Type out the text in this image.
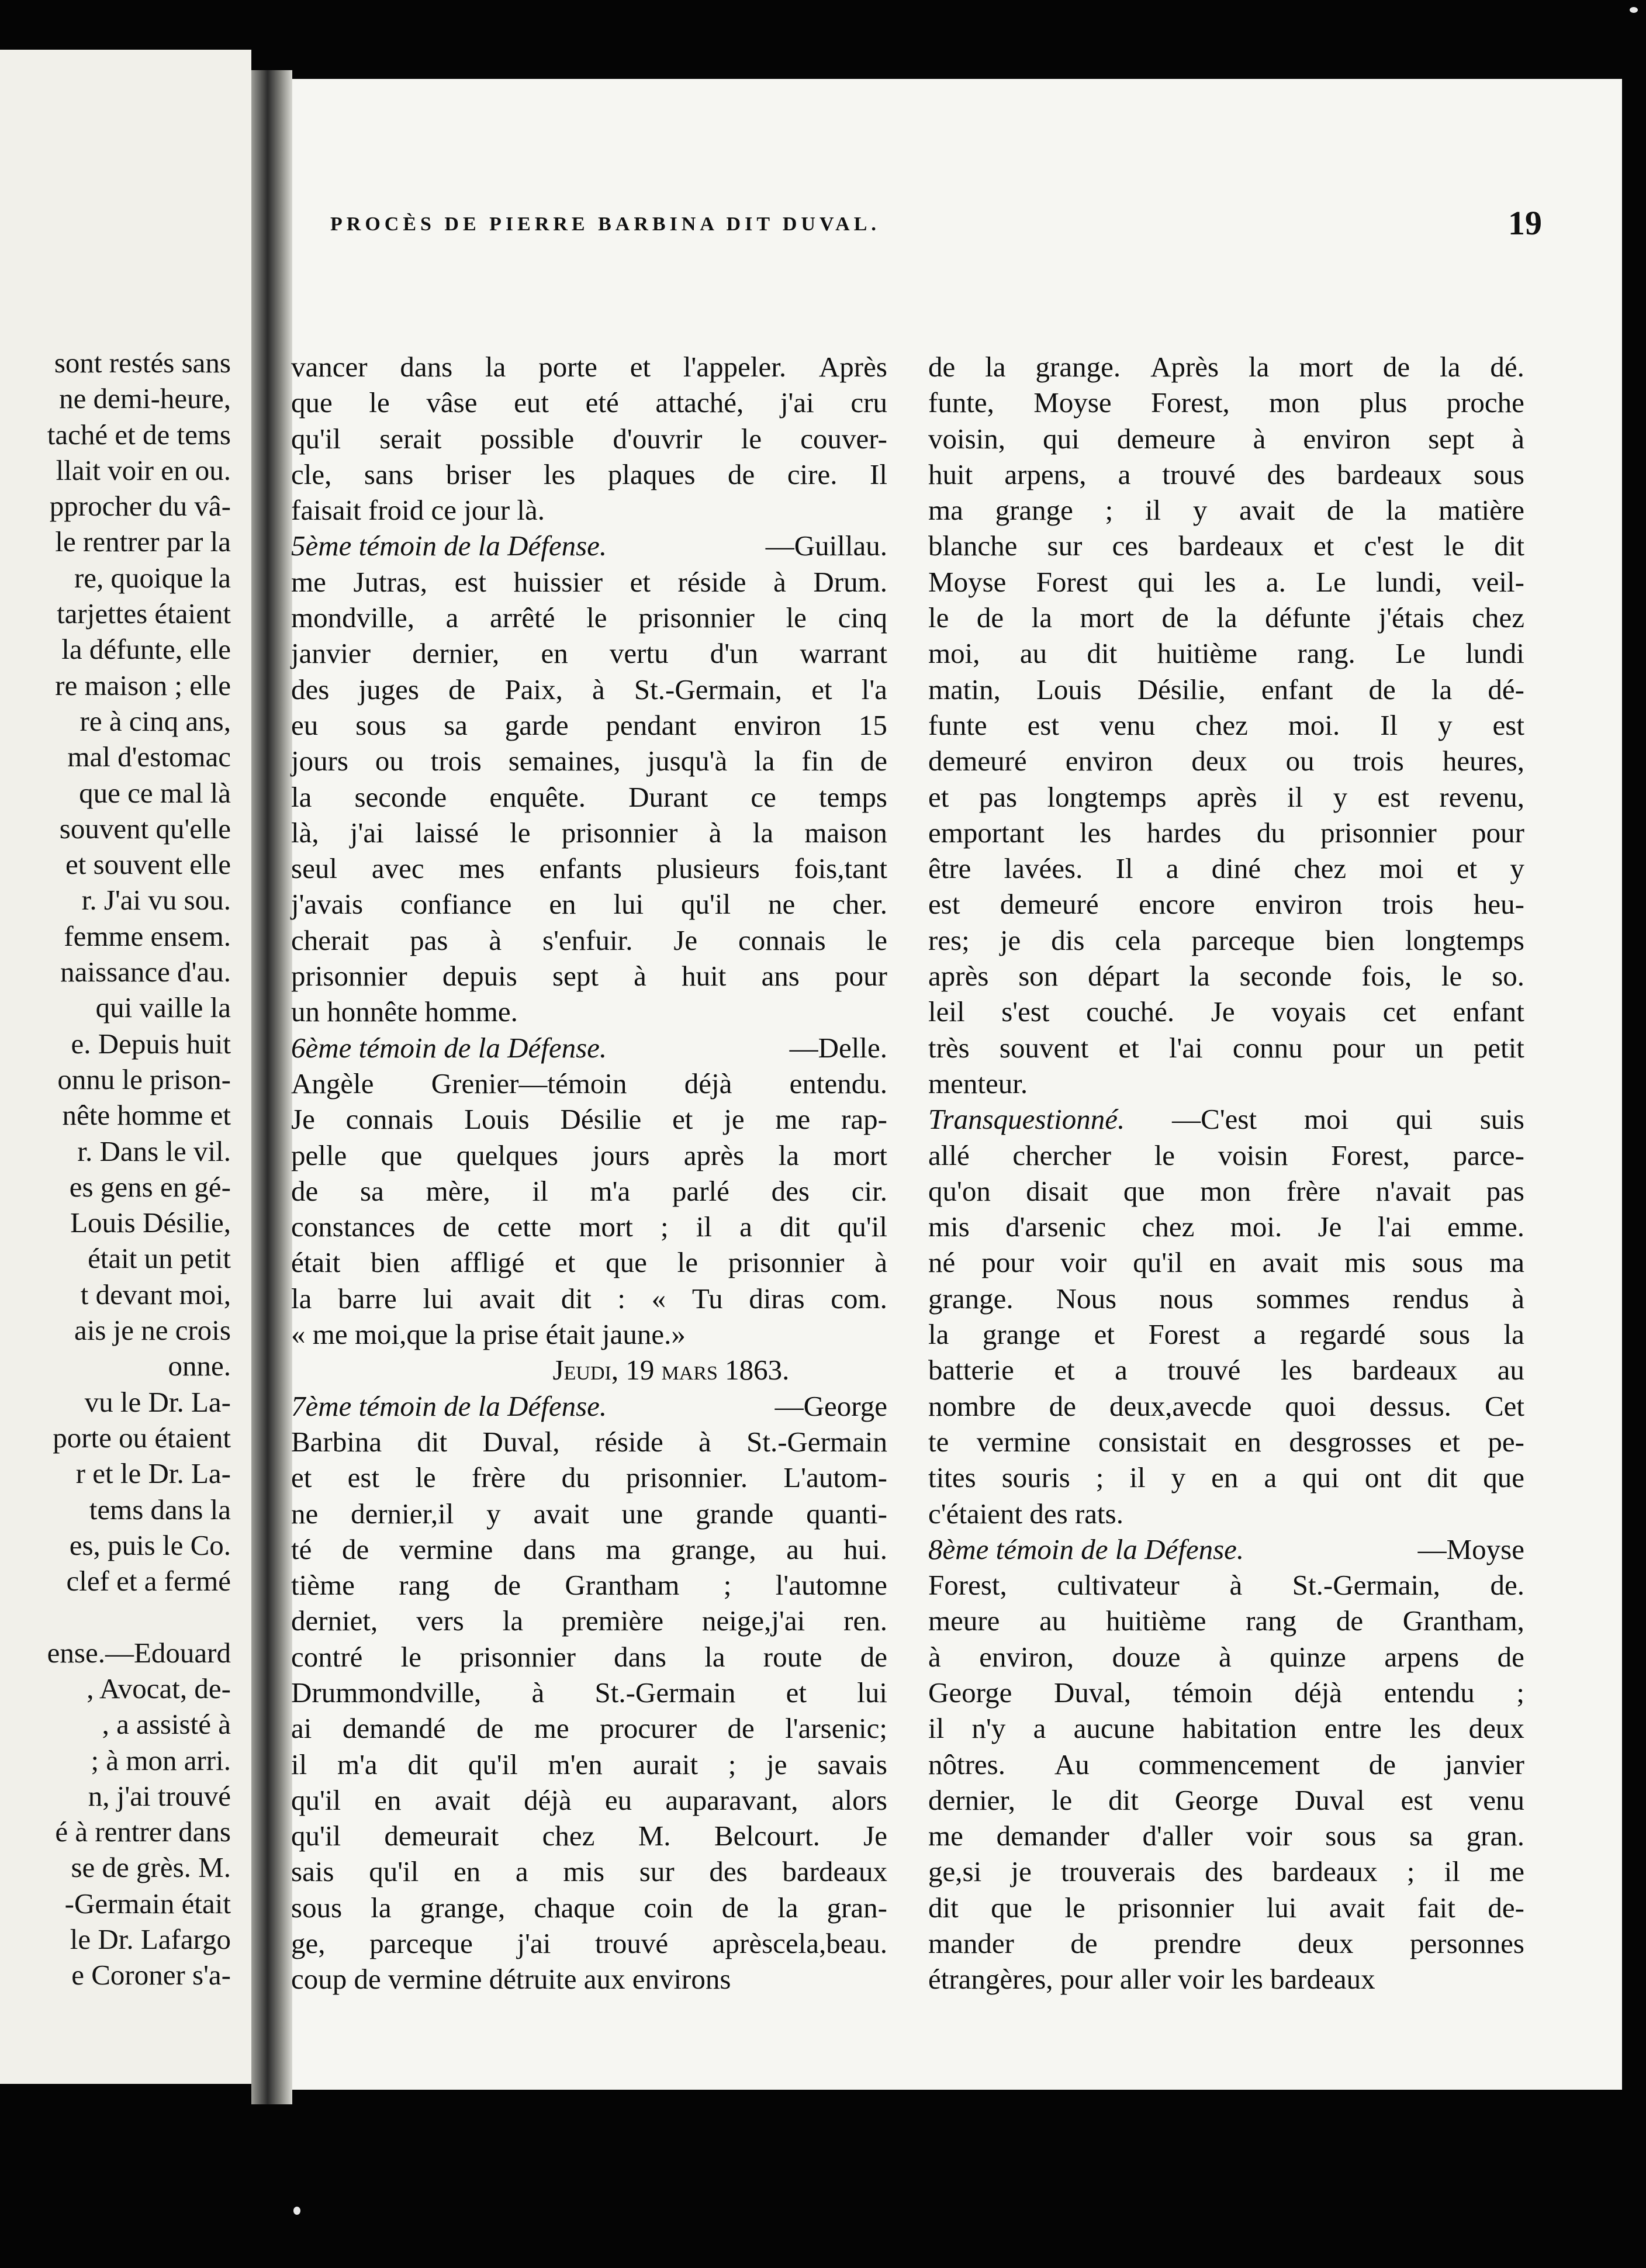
sont restés sans
ne demi-heure,
taché et de tems
llait voir en ou.
pprocher du vâ-
le rentrer par la
re, quoique la
tarjettes étaient
la défunte, elle
re maison ; elle
re à cinq ans,
mal d'estomac
que ce mal là
souvent qu'elle
et souvent elle
r. J'ai vu sou.
femme ensem.
naissance d'au.
qui vaille la
e. Depuis huit
onnu le prison-
nête homme et
r. Dans le vil.
es gens en gé-
Louis Désilie,
était un petit
t devant moi,
ais je ne crois
onne.
vu le Dr. La-
porte ou étaient
r et le Dr. La-
tems dans la
es, puis le Co.
clef et a fermé

ense.—Edouard
, Avocat, de-
, a assisté à
; à mon arri.
n, j'ai trouvé
é à rentrer dans
se de grès. M.
-Germain était
le Dr. Lafargo
e Coroner s'a-
PROCÈS DE PIERRE BARBINA DIT DUVAL.	19
vancer dans la porte et l'appeler. Après
que le vâse eut eté attaché, j'ai cru
qu'il serait possible d'ouvrir le couver-
cle, sans briser les plaques de cire. Il
faisait froid ce jour là.
5ème témoin de la Défense.	—Guillau.
me Jutras, est huissier et réside à Drum.
mondville, a arrêté le prisonnier le cinq
janvier dernier, en vertu d'un warrant
des juges de Paix, à St.-Germain, et l'a
eu sous sa garde pendant environ 15
jours ou trois semaines, jusqu'à la fin de
la seconde enquête. Durant ce temps
là, j'ai laissé le prisonnier à la maison
seul avec mes enfants plusieurs fois,tant
j'avais confiance en lui qu'il ne cher.
cherait pas à s'enfuir. Je connais le
prisonnier depuis sept à huit ans pour
un honnête homme.
6ème témoin de la Défense.	—Delle.
Angèle Grenier—témoin déjà entendu.
Je connais Louis Désilie et je me rap-
pelle que quelques jours après la mort
de sa mère, il m'a parlé des cir.
constances de cette mort ; il a dit qu'il
était bien affligé et que le prisonnier à
la barre lui avait dit : « Tu diras com.
« me moi,que la prise était jaune.»
Jeudi, 19 mars 1863.
7ème témoin de la Défense.	—George
Barbina dit Duval, réside à St.-Germain
et est le frère du prisonnier. L'autom-
ne dernier,il y avait une grande quanti-
té de vermine dans ma grange, au hui.
tième rang de Grantham ; l'automne
derniet, vers la première neige,j'ai ren.
contré le prisonnier dans la route de
Drummondville, à St.-Germain et lui
ai demandé de me procurer de l'arsenic;
il m'a dit qu'il m'en aurait ; je savais
qu'il en avait déjà eu auparavant, alors
qu'il demeurait chez M. Belcourt. Je
sais qu'il en a mis sur des bardeaux
sous la grange, chaque coin de la gran-
ge, parceque j'ai trouvé aprèscela,beau.
coup de vermine détruite aux environs
de la grange. Après la mort de la dé.
funte, Moyse Forest, mon plus proche
voisin, qui demeure à environ sept à
huit arpens, a trouvé des bardeaux sous
ma grange ; il y avait de la matière
blanche sur ces bardeaux et c'est le dit
Moyse Forest qui les a. Le lundi, veil-
le de la mort de la défunte j'étais chez
moi, au dit huitième rang. Le lundi
matin, Louis Désilie, enfant de la dé-
funte est venu chez moi. Il y est
demeuré environ deux ou trois heures,
et pas longtemps après il y est revenu,
emportant les hardes du prisonnier pour
être lavées. Il a diné chez moi et y
est demeuré encore environ trois heu-
res; je dis cela parceque bien longtemps
après son départ la seconde fois, le so.
leil s'est couché. Je voyais cet enfant
très souvent et l'ai connu pour un petit
menteur.
Transquestionné. —C'est moi qui suis
allé chercher le voisin Forest, parce-
qu'on disait que mon frère n'avait pas
mis d'arsenic chez moi. Je l'ai emme.
né pour voir qu'il en avait mis sous ma
grange. Nous nous sommes rendus à
la grange et Forest a regardé sous la
batterie et a trouvé les bardeaux au
nombre de deux,avecde quoi dessus. Cet
te vermine consistait en desgrosses et pe-
tites souris ; il y en a qui ont dit que
c'étaient des rats.
8ème témoin de la Défense.	—Moyse
Forest, cultivateur à St.-Germain, de.
meure au huitième rang de Grantham,
à environ, douze à quinze arpens de
George Duval, témoin déjà entendu ;
il n'y a aucune habitation entre les deux
nôtres. Au commencement de janvier
dernier, le dit George Duval est venu
me demander d'aller voir sous sa gran.
ge,si je trouverais des bardeaux ; il me
dit que le prisonnier lui avait fait de-
mander de prendre deux personnes
étrangères, pour aller voir les bardeaux
